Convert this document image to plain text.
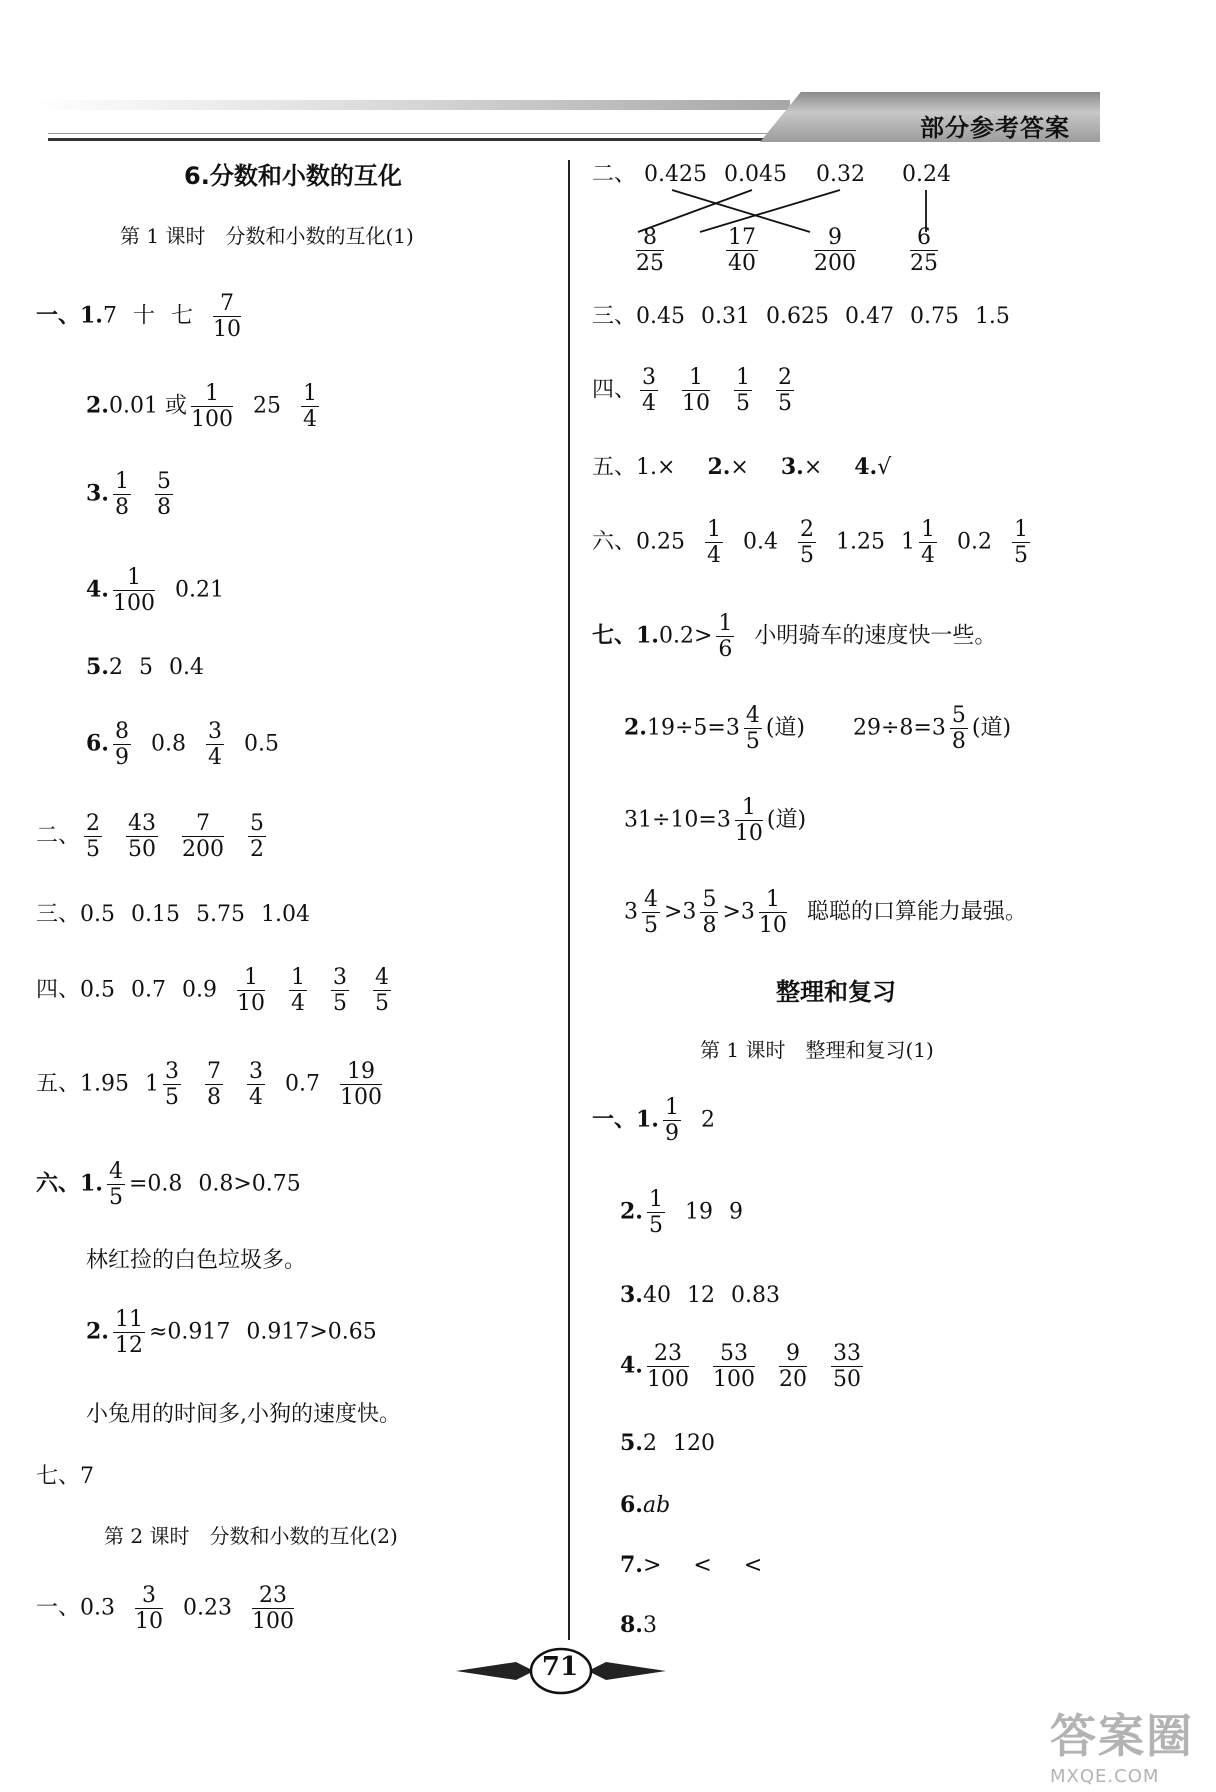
部分参考答案
6.分数和小数的互化
第 1 课时　分数和小数的互化(1)
一、1.7 十 七 $\frac{7}{10}$
2.0.01 或 $\frac{1}{100} 25 \frac{1}{4}$
3. $\frac{1}{8} \frac{5}{8}$
4. $\frac{1}{100} 0.21$
5.2 5 0.4
6. $\frac{8}{9} 0.8 \frac{3}{4} 0.5$
二、 $\frac{2}{5} \frac{43}{50} \frac{7}{200} \frac{5}{2}$
三、0.5 0.15 5.75 1.04
四、0.5 0.7 $0.9 \frac{1}{10} \frac{1}{4} \frac{3}{5} \frac{4}{5}$
五、1.95 $1 \frac{3}{5} \frac{7}{8} \frac{3}{4} 0.7 \frac{19}{100}$
六、1. $\frac{4}{5} =0.8$ 0.8>0.75
林红捡的白色垃圾多。
2. $\frac{11}{12} \approx 0.917$ 0.917>0.65
小兔用的时间多,小狗的速度快。
七、7
第 2 课时　分数和小数的互化(2)
一、$0.3 \frac{3}{10} 0.23 \frac{23}{100}$
二、 0.425 0.045 0.32 0.24
$\frac{8}{25}$	$\frac{17}{40}$	$\frac{9}{200} \frac{6}{25}$
三、0.45 0.31 0.625 0.47 0.75 1.5
四、 $\frac{3}{4} \frac{1}{10} \frac{1}{5} \frac{2}{5}$
五、1.× 2.× 3.× 4.√
六、$0.25 \frac{1}{4} 0.4 \frac{2}{5} 1.25$ $1 \frac{1}{4} 0.2 \frac{1}{5}$
七、$1.0.2> \frac{1}{6}$ 小明骑车的速度快一些。
$2.19\div 5=3 \frac{4}{5}$ (道) $29\div 8=3 \frac{5}{8}$ (道)
$31\div 10=3 \frac{1}{10}$ (道)
$3 \frac{4}{5} >3 \frac{5}{8} >3 \frac{1}{10}$ 聪聪的口算能力最强。
整理和复习
第 1 课时　整理和复习(1)
一、1. $\frac{1}{9} 2$
2. $\frac{1}{5} 19$ 9
3.40 12 0.83
4. $\frac{23}{100} \frac{53}{100} \frac{9}{20} \frac{33}{50}$
5.2 120
6.ab
7.> < <
8.3
71
答案圈
MXQE.COM
